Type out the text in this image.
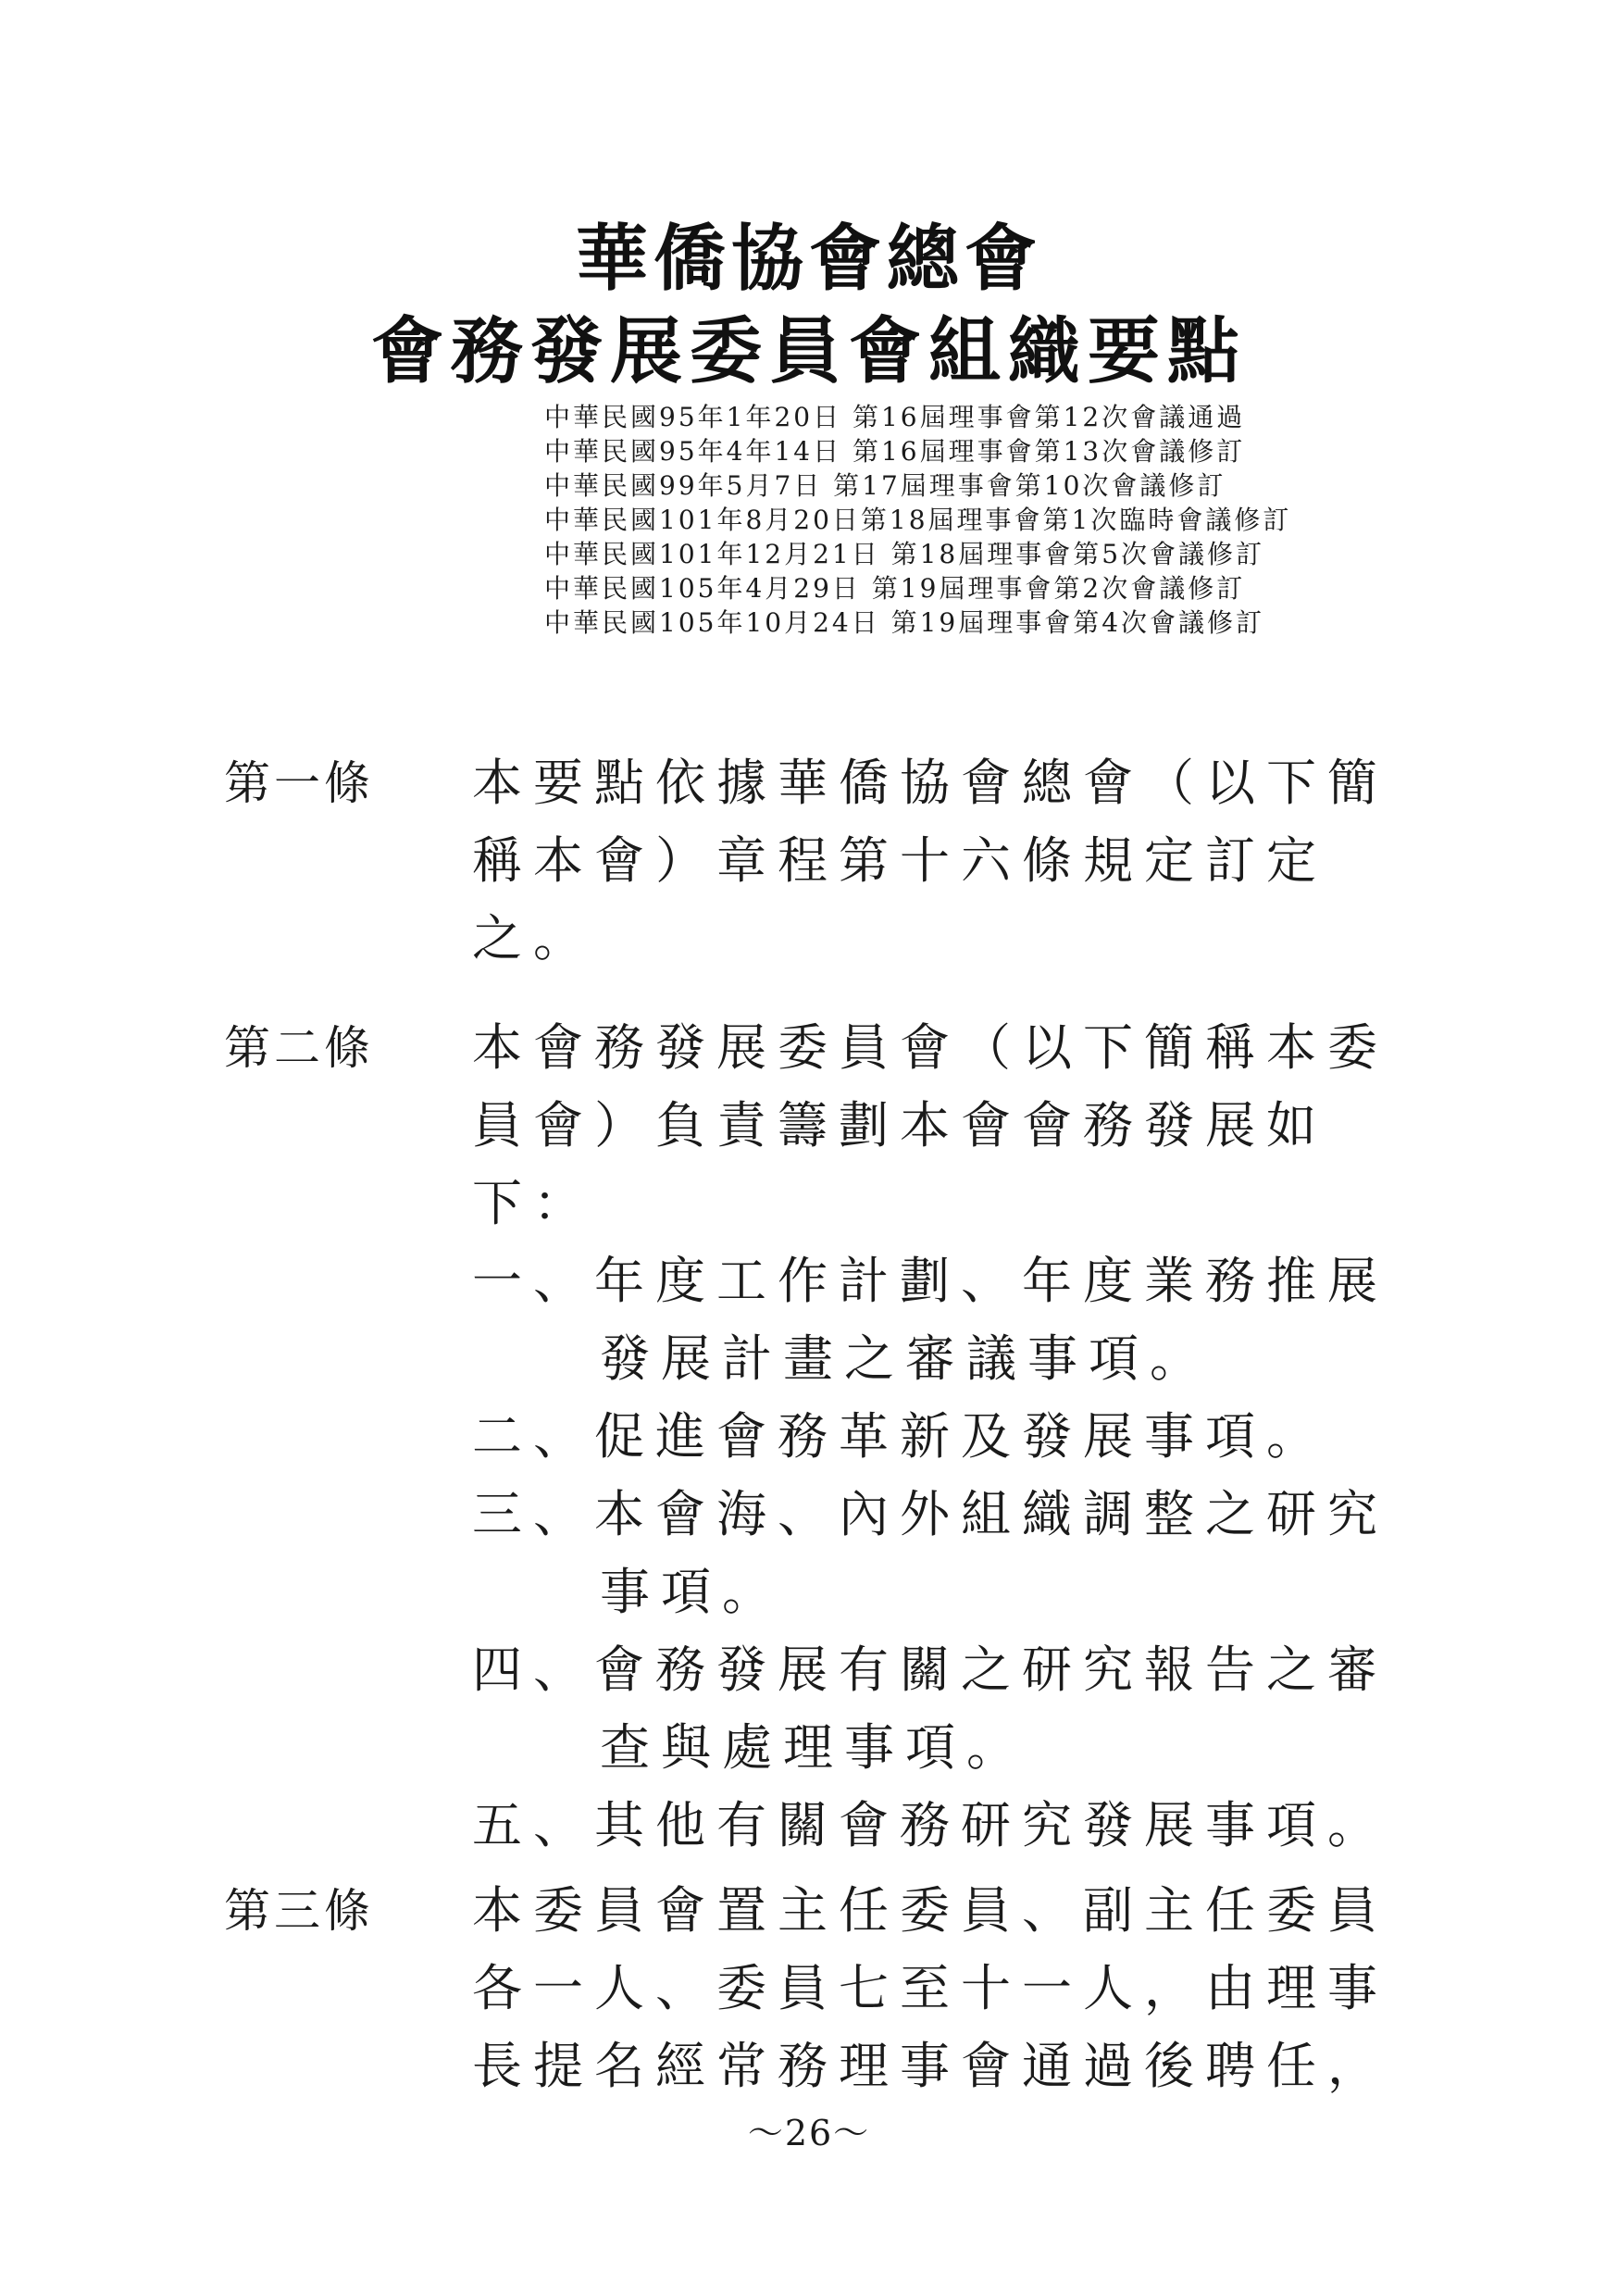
華僑協會總會
會務發展委員會組織要點
中華民國95年1年20日 第16屆理事會第12次會議通過
中華民國95年4年14日 第16屆理事會第13次會議修訂
中華民國99年5月7日 第17屆理事會第10次會議修訂
中華民國101年8月20日第18屆理事會第1次臨時會議修訂
中華民國101年12月21日 第18屆理事會第5次會議修訂
中華民國105年4月29日 第19屆理事會第2次會議修訂
中華民國105年10月24日 第19屆理事會第4次會議修訂
第一條 本要點依據華僑協會總會（以下簡
稱本會）章程第十六條規定訂定
之。
第二條 本會務發展委員會（以下簡稱本委
員會）負責籌劃本會會務發展如
下：
一、年度工作計劃、年度業務推展
發展計畫之審議事項。
二、促進會務革新及發展事項。
三、本會海、內外組織調整之研究
事項。
四、會務發展有關之研究報告之審
查與處理事項。
五、其他有關會務研究發展事項。
第三條 本委員會置主任委員、副主任委員
各一人、委員七至十一人，由理事
長提名經常務理事會通過後聘任，
～26～
